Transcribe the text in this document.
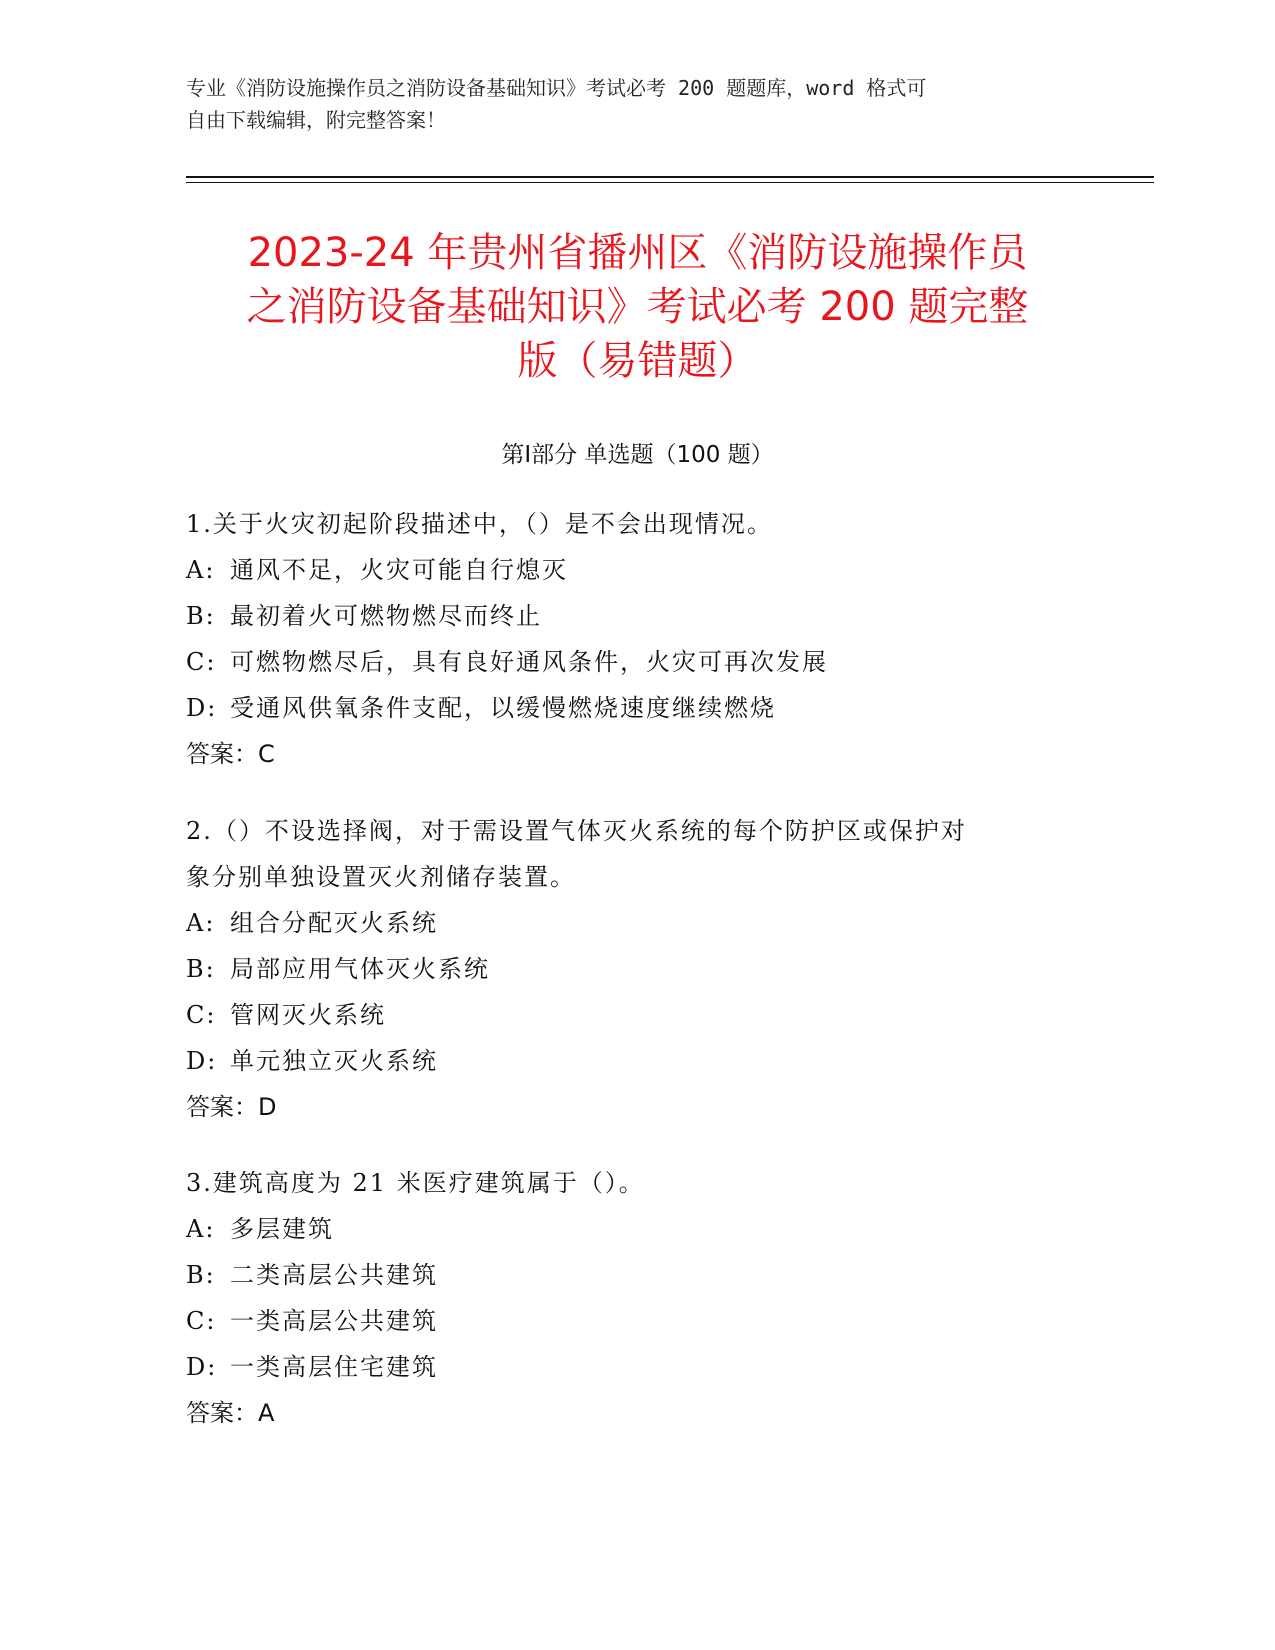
专业《消防设施操作员之消防设备基础知识》考试必考 200 题题库，word 格式可
自由下载编辑，附完整答案！
2023-24 年贵州省播州区《消防设施操作员
之消防设备基础知识》考试必考 200 题完整
版（易错题）
第Ⅰ部分 单选题（100 题）
1.关于火灾初起阶段描述中，（）是不会出现情况。
A: 通风不足，火灾可能自行熄灭
B: 最初着火可燃物燃尽而终止
C: 可燃物燃尽后，具有良好通风条件，火灾可再次发展
D: 受通风供氧条件支配，以缓慢燃烧速度继续燃烧
答案：C
2.（）不设选择阀，对于需设置气体灭火系统的每个防护区或保护对
象分别单独设置灭火剂储存装置。
A: 组合分配灭火系统
B: 局部应用气体灭火系统
C: 管网灭火系统
D: 单元独立灭火系统
答案：D
3.建筑高度为 21 米医疗建筑属于（）。
A: 多层建筑
B: 二类高层公共建筑
C: 一类高层公共建筑
D: 一类高层住宅建筑
答案：A
